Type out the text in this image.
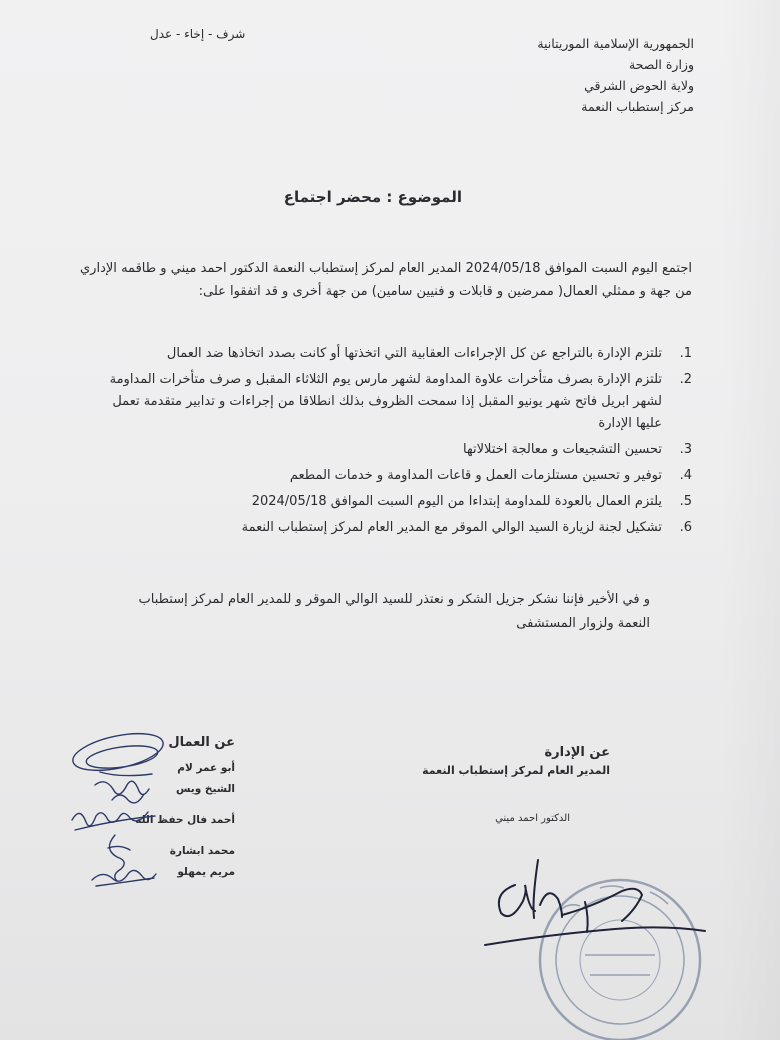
الجمهورية الإسلامية الموريتانية
وزارة الصحة
ولاية الحوض الشرقي
مركز إستطباب النعمة
شرف - إخاء - عدل
الموضوع : محضر اجتماع
اجتمع اليوم السبت الموافق 2024/05/18 المدير العام لمركز إستطباب النعمة الدكتور احمد ميني و طاقمه الإداري من جهة و ممثلي العمال( ممرضين و قابلات و فنيين سامين) من جهة أخرى و قد اتفقوا على:
1.
تلتزم الإدارة بالتراجع عن كل الإجراءات العقابية التي اتخذتها أو كانت بصدد اتخاذها ضد العمال
2.
تلتزم الإدارة بصرف متأخرات علاوة المداومة لشهر مارس يوم الثلاثاء المقبل و صرف متأخرات المداومة لشهر ابريل فاتح شهر يونيو المقبل إذا سمحت الظروف بذلك انطلاقا من إجراءات و تدابير متقدمة تعمل عليها الإدارة
3.
تحسين التشجيعات و معالجة اختلالاتها
4.
توفير و تحسين مستلزمات العمل و قاعات المداومة و خدمات المطعم
5.
يلتزم العمال بالعودة للمداومة إبتداءا من اليوم السبت الموافق 2024/05/18
6.
تشكيل لجنة لزيارة السيد الوالي الموقر مع المدير العام لمركز إستطباب النعمة
و في الأخير فإننا نشكر جزيل الشكر و نعتذر للسيد الوالي الموقر و للمدير العام لمركز إستطباب النعمة ولزوار المستشفى
عن العمال
أبو عمر لام
الشيخ ويس
أحمد فال حفظ الله
محمد ابشارة
مريم يمهلو
عن الإدارة
المدير العام لمركز إستطباب النعمة
الدكتور احمد ميني
